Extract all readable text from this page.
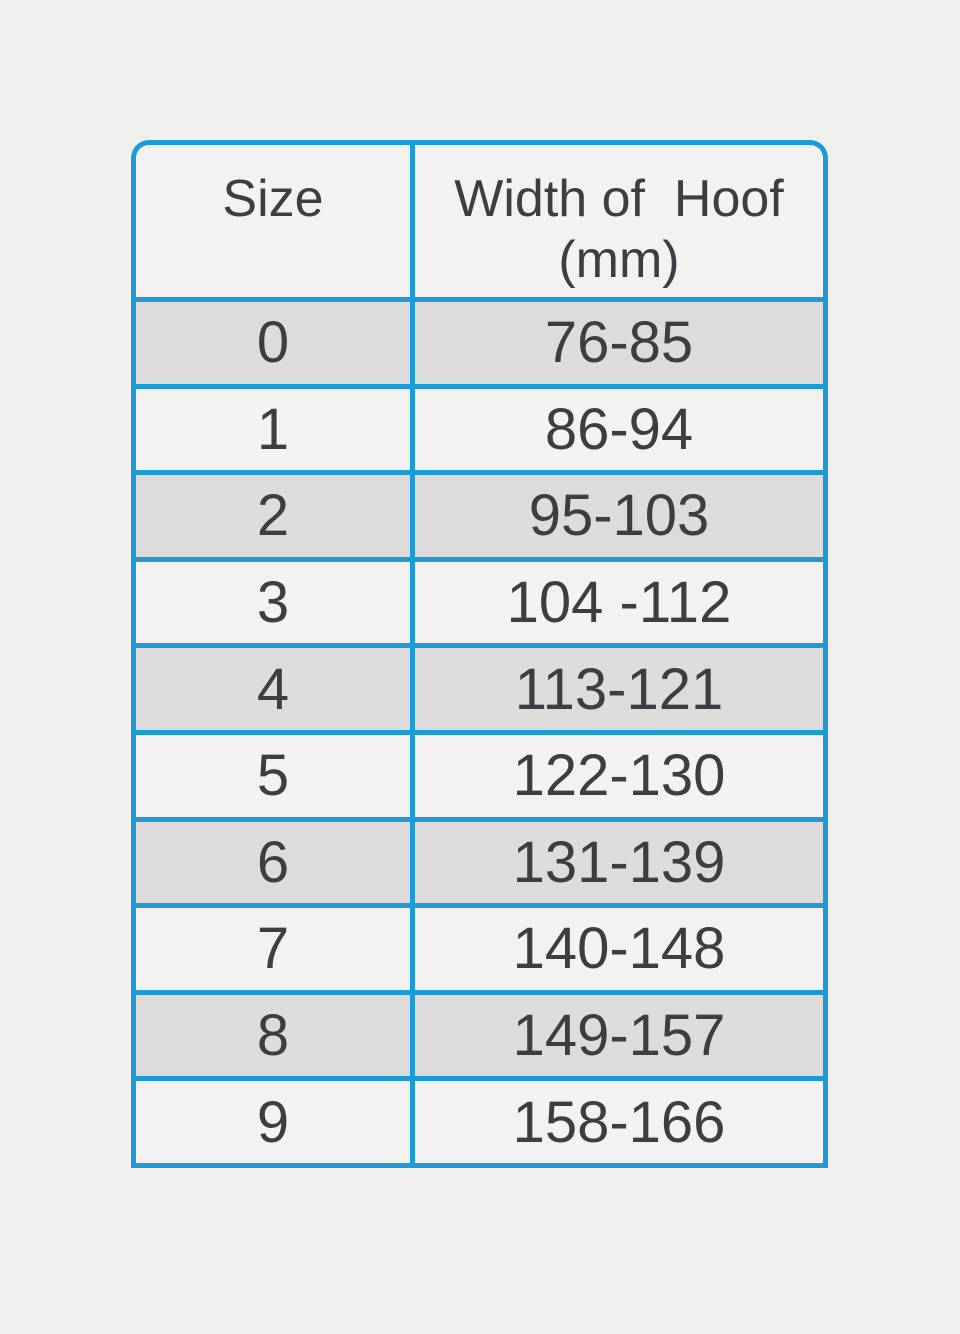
Size	Width of  Hoof
(mm)
0	76-85
1	86-94
2	95-103
3	104 -112
4	113-121
5	122-130
6	131-139
7	140-148
8	149-157
9	158-166
